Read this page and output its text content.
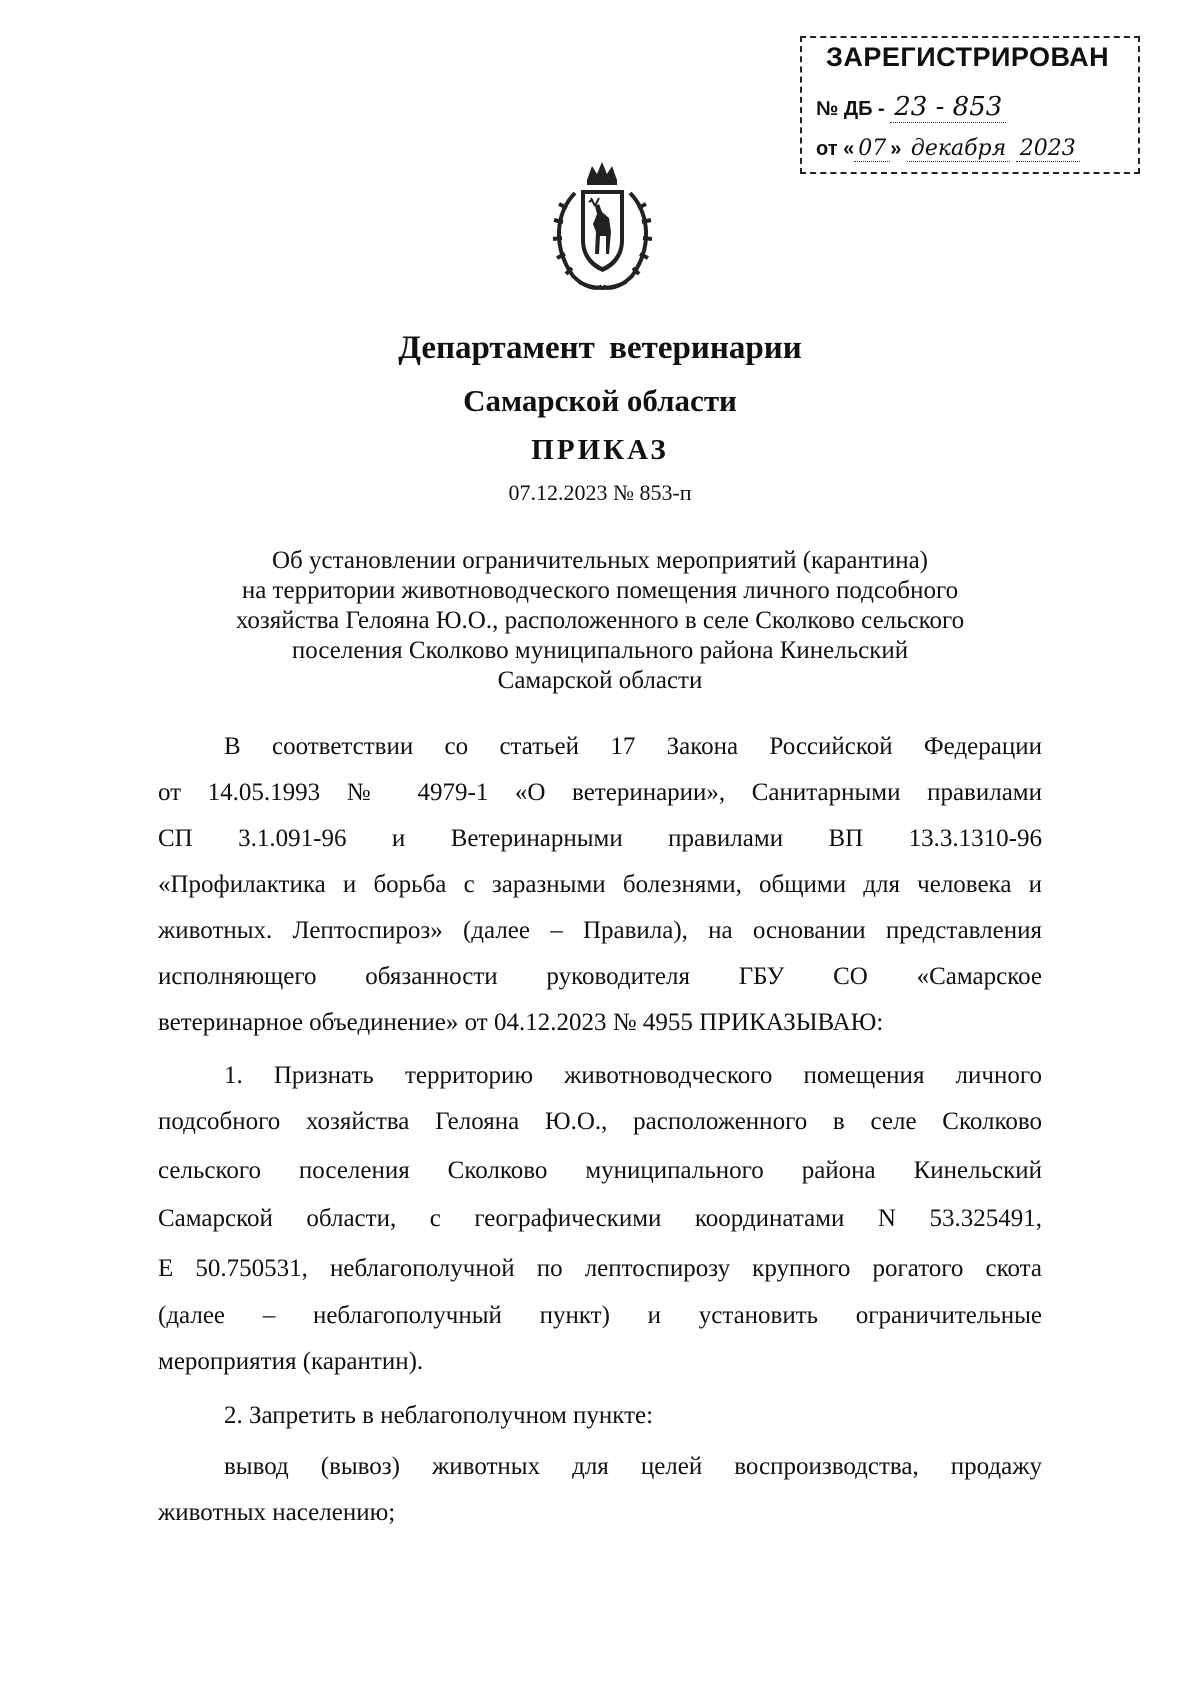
ЗАРЕГИСТРИРОВАН
№ ДБ - 23 - 853
от « 07 » декабря 2023
Департамент ветеринарии
Самарской области
ПРИКАЗ
07.12.2023 № 853-п
Об установлении ограничительных мероприятий (карантина)
на территории животноводческого помещения личного подсобного
хозяйства Гелояна Ю.О., расположенного в селе Сколково сельского
поселения Сколково муниципального района Кинельский
Самарской области
В соответствии со статьей 17 Закона Российской Федерации
от 14.05.1993 № 4979-1 «О ветеринарии», Санитарными правилами
СП 3.1.091-96 и Ветеринарными правилами ВП 13.3.1310-96
«Профилактика и борьба с заразными болезнями, общими для человека и
животных. Лептоспироз» (далее – Правила), на основании представления
исполняющего обязанности руководителя ГБУ СО «Самарское
ветеринарное объединение» от 04.12.2023 № 4955 ПРИКАЗЫВАЮ:
1. Признать территорию животноводческого помещения личного
подсобного хозяйства Гелояна Ю.О., расположенного в селе Сколково
сельского поселения Сколково муниципального района Кинельский
Самарской области, с географическими координатами N 53.325491,
E 50.750531, неблагополучной по лептоспирозу крупного рогатого скота
(далее – неблагополучный пункт) и установить ограничительные
мероприятия (карантин).
2. Запретить в неблагополучном пункте:
вывод (вывоз) животных для целей воспроизводства, продажу
животных населению;
